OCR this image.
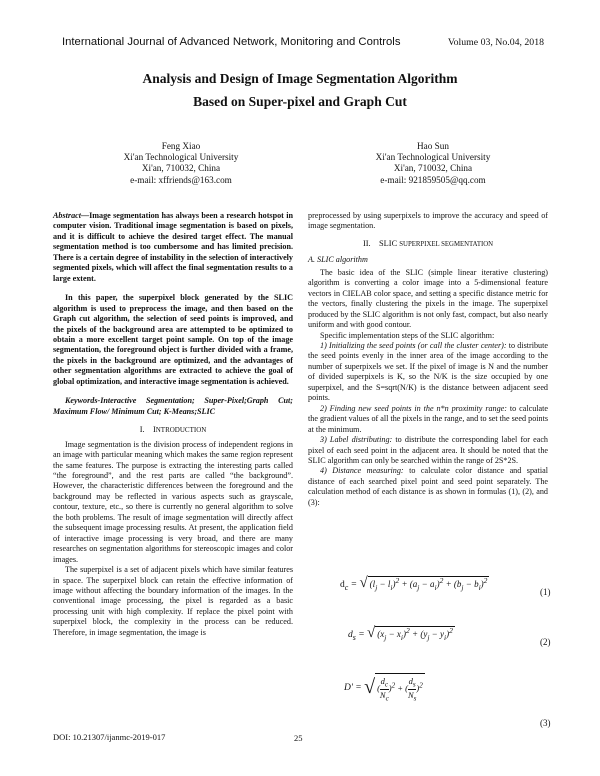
International Journal of Advanced Network, Monitoring and Controls	Volume 03, No.04, 2018
Analysis and Design of Image Segmentation Algorithm
Based on Super-pixel and Graph Cut
Feng Xiao
Xi'an Technological University
Xi'an, 710032, China
e-mail: xffriends@163.com
Hao Sun
Xi'an Technological University
Xi'an, 710032, China
e-mail: 921859505@qq.com

Abstract—Image segmentation has always been a research hotspot in computer vision. Traditional image segmentation is based on pixels, and it is difficult to achieve the desired target effect. The manual segmentation method is too cumbersome and has limited precision. There is a certain degree of instability in the selection of interactively segmented pixels, which will affect the final segmentation results to a large extent.

In this paper, the superpixel block generated by the SLIC algorithm is used to preprocess the image, and then based on the Graph cut algorithm, the selection of seed points is improved, and the pixels of the background area are attempted to be optimized to obtain a more excellent target point sample. On top of the image segmentation, the foreground object is further divided with a frame, the pixels in the background are optimized, and the advantages of other segmentation algorithms are extracted to achieve the goal of global optimization, and interactive image segmentation is achieved.

Keywords-Interactive Segmentation; Super-Pixel;Graph Cut; Maximum Flow/ Minimum Cut; K-Means;SLIC

I. INTRODUCTION

Image segmentation is the division process of independent regions in an image with particular meaning which makes the same region represent the same features. The purpose is extracting the interesting parts called “the foreground”, and the rest parts are called “the background”. However, the characteristic differences between the foreground and the background may be reflected in various aspects such as grayscale, contour, texture, etc., so there is currently no general algorithm to solve the both problems. The result of image segmentation will directly affect the subsequent image processing results. At present, the application field of interactive image processing is very broad, and there are many researches on segmentation algorithms for stereoscopic images and color images.

The superpixel is a set of adjacent pixels which have similar features in space. The superpixel block can retain the effective information of image without affecting the boundary information of the images. In the conventional image processing, the pixel is regarded as a basic processing unit with high complexity. If replace the pixel point with superpixel block, the complexity in the process can be reduced. Therefore, in image segmentation, the image is

preprocessed by using superpixels to improve the accuracy and speed of image segmentation.

II. SLIC SUPERPIXEL SEGMENTATION

A. SLIC algorithm

The basic idea of the SLIC (simple linear iterative clustering) algorithm is converting a color image into a 5-dimensional feature vectors in CIELAB color space, and setting a specific distance metric for the vectors, finally clustering the pixels in the image. The superpixel produced by the SLIC algorithm is not only fast, compact, but also nearly uniform and with good contour.

Specific implementation steps of the SLIC algorithm:

1) Initializing the seed points (or call the cluster center): to distribute the seed points evenly in the inner area of the image according to the number of superpixels we set. If the pixel of image is N and the number of divided superpixels is K, so the N/K is the size occupied by one superpixel, and the S=sqrt(N/K) is the distance between adjacent seed points.

2) Finding new seed points in the n*n proximity range: to calculate the gradient values of all the pixels in the range, and to set the seed points at the minimum.

3) Label distributing: to distribute the corresponding label for each pixel of each seed point in the adjacent area. It should be noted that the SLIC algorithm can only be searched within the range of 2S*2S.

4) Distance measuring: to calculate color distance and spatial distance of each searched pixel point and seed point separately. The calculation method of each distance is as shown in formulas (1), (2), and (3):

$d_c$ = √ $(l_j - l_i)^2 + (a_j - a_i)^2 + (b_j - b_i)^2$
(1)
$d_s$ = √ $(x_j - x_i)^2 + (y_j - y_i)^2$
(2)
D' = √ ( $\frac{d_c}{N_c} )^2$ + ( $\frac{d_s}{N_s} )^2$
(3)
DOI: 10.21307/ijanmc-2019-017	25
